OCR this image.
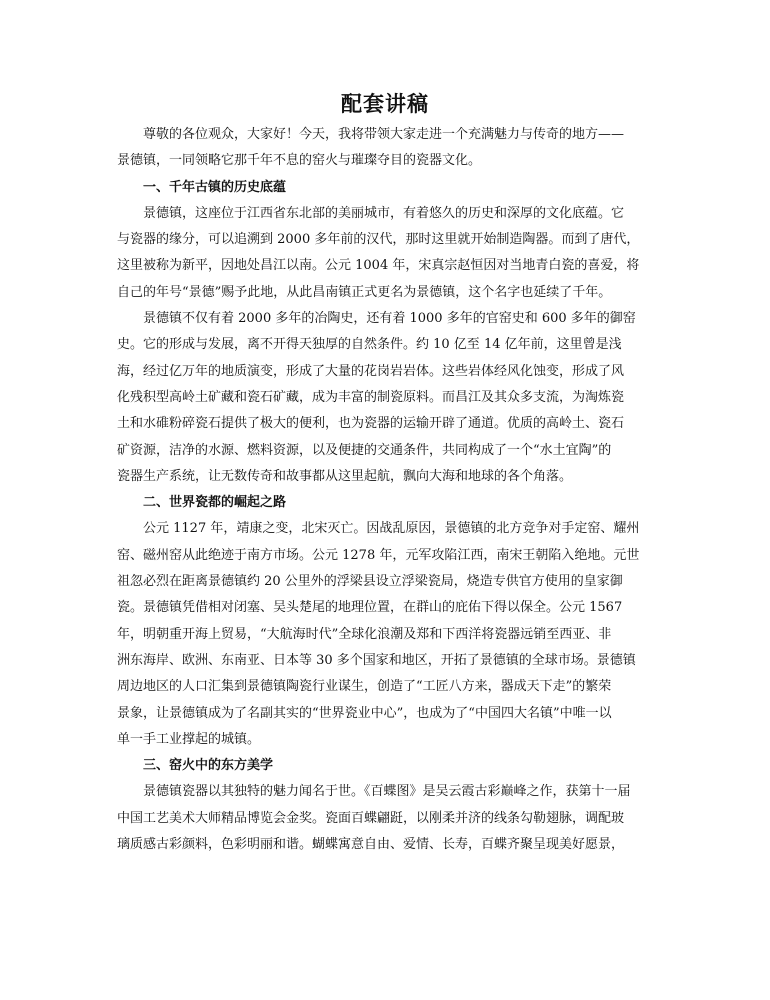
配套讲稿
尊敬的各位观众，大家好！今天，我将带领大家走进一个充满魅力与传奇的地方——
景德镇，一同领略它那千年不息的窑火与璀璨夺目的瓷器文化。
一、千年古镇的历史底蕴
景德镇，这座位于江西省东北部的美丽城市，有着悠久的历史和深厚的文化底蕴。它
与瓷器的缘分，可以追溯到 2000 多年前的汉代，那时这里就开始制造陶器。而到了唐代，
这里被称为新平，因地处昌江以南。公元 1004 年，宋真宗赵恒因对当地青白瓷的喜爱，将
自己的年号“景德”赐予此地，从此昌南镇正式更名为景德镇，这个名字也延续了千年。
景德镇不仅有着 2000 多年的冶陶史，还有着 1000 多年的官窑史和 600 多年的御窑
史。它的形成与发展，离不开得天独厚的自然条件。约 10 亿至 14 亿年前，这里曾是浅
海，经过亿万年的地质演变，形成了大量的花岗岩岩体。这些岩体经风化蚀变，形成了风
化残积型高岭土矿藏和瓷石矿藏，成为丰富的制瓷原料。而昌江及其众多支流，为淘炼瓷
土和水碓粉碎瓷石提供了极大的便利，也为瓷器的运输开辟了通道。优质的高岭土、瓷石
矿资源，洁净的水源、燃料资源，以及便捷的交通条件，共同构成了一个“水土宜陶”的
瓷器生产系统，让无数传奇和故事都从这里起航，飘向大海和地球的各个角落。
二、世界瓷都的崛起之路
公元 1127 年，靖康之变，北宋灭亡。因战乱原因，景德镇的北方竞争对手定窑、耀州
窑、磁州窑从此绝迹于南方市场。公元 1278 年，元军攻陷江西，南宋王朝陷入绝地。元世
祖忽必烈在距离景德镇约 20 公里外的浮梁县设立浮梁瓷局，烧造专供官方使用的皇家御
瓷。景德镇凭借相对闭塞、吴头楚尾的地理位置，在群山的庇佑下得以保全。公元 1567
年，明朝重开海上贸易，“大航海时代”全球化浪潮及郑和下西洋将瓷器远销至西亚、非
洲东海岸、欧洲、东南亚、日本等 30 多个国家和地区，开拓了景德镇的全球市场。景德镇
周边地区的人口汇集到景德镇陶瓷行业谋生，创造了“工匠八方来，器成天下走”的繁荣
景象，让景德镇成为了名副其实的“世界瓷业中心”，也成为了“中国四大名镇”中唯一以
单一手工业撑起的城镇。
三、窑火中的东方美学
景德镇瓷器以其独特的魅力闻名于世。《百蝶图》是吴云霞古彩巅峰之作，获第十一届
中国工艺美术大师精品博览会金奖。瓷面百蝶翩跹，以刚柔并济的线条勾勒翅脉，调配玻
璃质感古彩颜料，色彩明丽和谐。蝴蝶寓意自由、爱情、长寿，百蝶齐聚呈现美好愿景，
